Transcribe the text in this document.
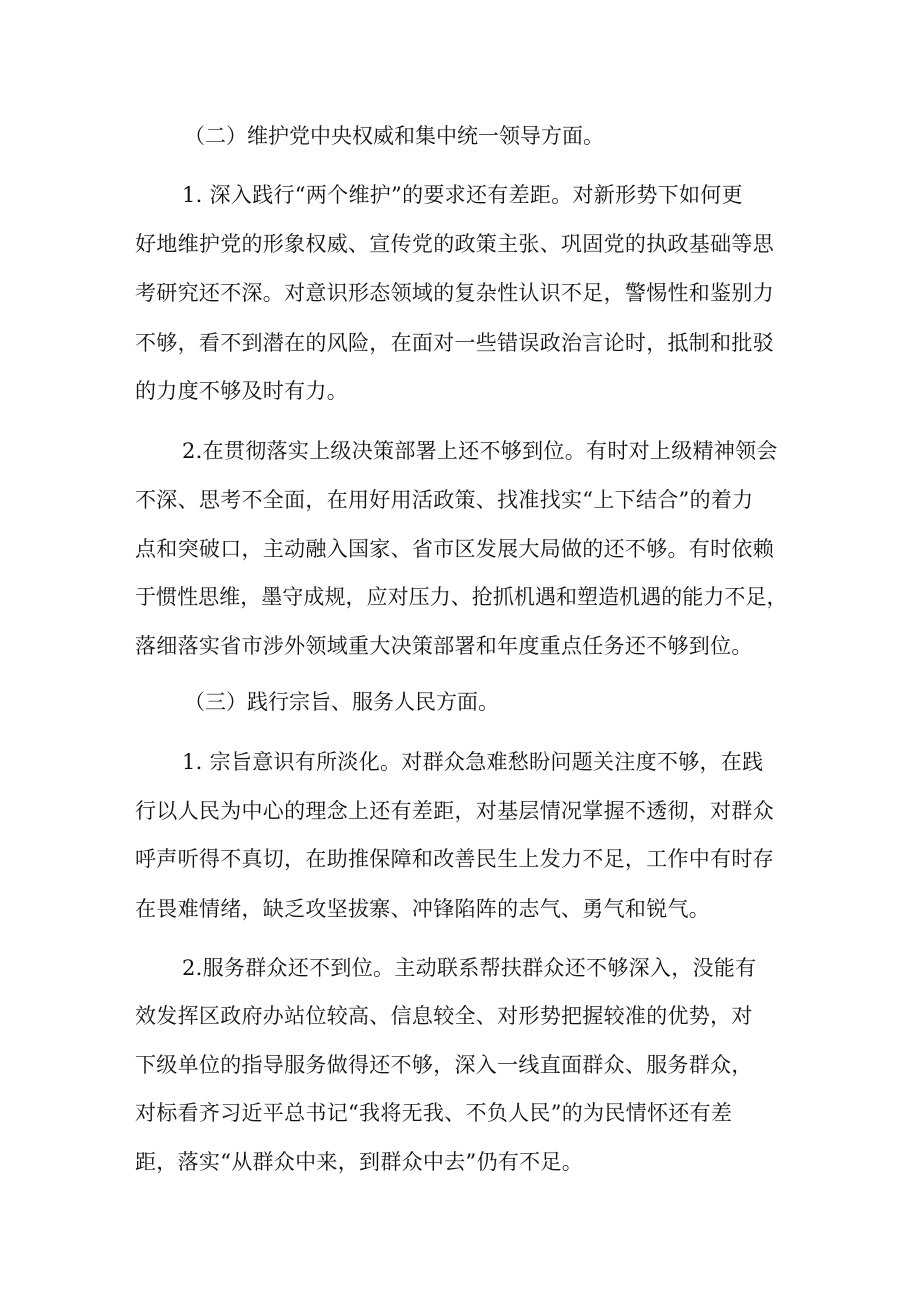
（二）维护党中央权威和集中统一领导方面。
1. 深入践行“两个维护”的要求还有差距。对新形势下如何更
好地维护党的形象权威、宣传党的政策主张、巩固党的执政基础等思
考研究还不深。对意识形态领域的复杂性认识不足，警惕性和鉴别力
不够，看不到潜在的风险，在面对一些错误政治言论时，抵制和批驳
的力度不够及时有力。
2.在贯彻落实上级决策部署上还不够到位。有时对上级精神领会
不深、思考不全面，在用好用活政策、找准找实“上下结合”的着力
点和突破口，主动融入国家、省市区发展大局做的还不够。有时依赖
于惯性思维，墨守成规，应对压力、抢抓机遇和塑造机遇的能力不足，
落细落实省市涉外领域重大决策部署和年度重点任务还不够到位。
（三）践行宗旨、服务人民方面。
1. 宗旨意识有所淡化。对群众急难愁盼问题关注度不够，在践
行以人民为中心的理念上还有差距，对基层情况掌握不透彻，对群众
呼声听得不真切，在助推保障和改善民生上发力不足，工作中有时存
在畏难情绪，缺乏攻坚拔寨、冲锋陷阵的志气、勇气和锐气。
2.服务群众还不到位。主动联系帮扶群众还不够深入，没能有
效发挥区政府办站位较高、信息较全、对形势把握较准的优势，对
下级单位的指导服务做得还不够，深入一线直面群众、服务群众，
对标看齐习近平总书记“我将无我、不负人民”的为民情怀还有差
距，落实“从群众中来，到群众中去”仍有不足。
